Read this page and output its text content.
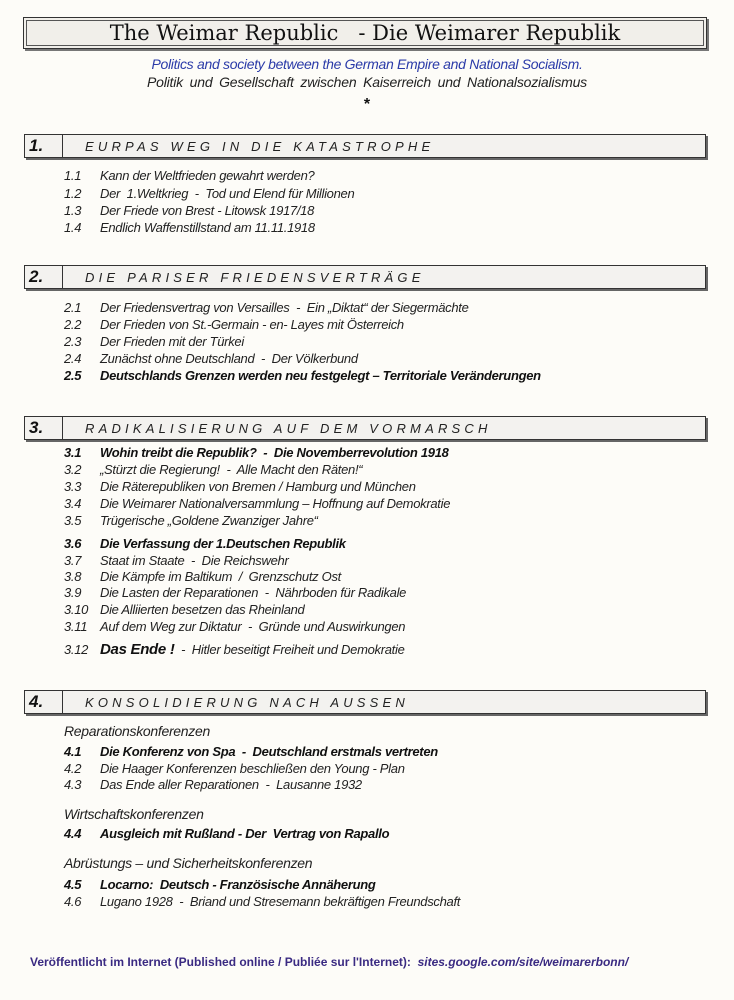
The Weimar Republic   - Die Weimarer Republik
Politics and society between the German Empire and National Socialism.
Politik und Gesellschaft zwischen Kaiserreich und Nationalsozialismus
*
1.	EURPAS WEG IN DIE KATASTROPHE
1.1 Kann der Weltfrieden gewahrt werden?
1.2 Der  1.Weltkrieg  -  Tod und Elend für Millionen
1.3 Der Friede von Brest - Litowsk 1917/18
1.4 Endlich Waffenstillstand am 11.11.1918
2.	DIE PARISER FRIEDENSVERTRÄGE
2.1 Der Friedensvertrag von Versailles  -  Ein „Diktat“ der Siegermächte
2.2 Der Frieden von St.-Germain - en- Layes mit Österreich
2.3 Der Frieden mit der Türkei
2.4 Zunächst ohne Deutschland  -  Der Völkerbund
2.5 Deutschlands Grenzen werden neu festgelegt – Territoriale Veränderungen
3.	RADIKALISIERUNG AUF DEM VORMARSCH
3.1 Wohin treibt die Republik?  -  Die Novemberrevolution 1918
3.2 „Stürzt die Regierung!  -  Alle Macht den Räten!“
3.3 Die Räterepubliken von Bremen / Hamburg und München
3.4 Die Weimarer Nationalversammlung – Hoffnung auf Demokratie
3.5 Trügerische „Goldene Zwanziger Jahre“
3.6 Die Verfassung der 1.Deutschen Republik
3.7 Staat im Staate  -  Die Reichswehr
3.8 Die Kämpfe im Baltikum  /  Grenzschutz Ost
3.9 Die Lasten der Reparationen  -  Nährboden für Radikale
3.10 Die Alliierten besetzen das Rheinland
3.11 Auf dem Weg zur Diktatur  -  Gründe und Auswirkungen
3.12 Das Ende !  -  Hitler beseitigt Freiheit und Demokratie
4.	KONSOLIDIERUNG NACH AUSSEN
Reparationskonferenzen
4.1 Die Konferenz von Spa  -  Deutschland erstmals vertreten
4.2 Die Haager Konferenzen beschließen den Young - Plan
4.3 Das Ende aller Reparationen  -  Lausanne 1932
Wirtschaftskonferenzen
4.4 Ausgleich mit Rußland - Der  Vertrag von Rapallo
Abrüstungs – und Sicherheitskonferenzen
4.5 Locarno:  Deutsch - Französische Annäherung
4.6 Lugano 1928  -  Briand und Stresemann bekräftigen Freundschaft
Veröffentlicht im Internet (Published online / Publiée sur l'Internet):  sites.google.com/site/weimarerbonn/
